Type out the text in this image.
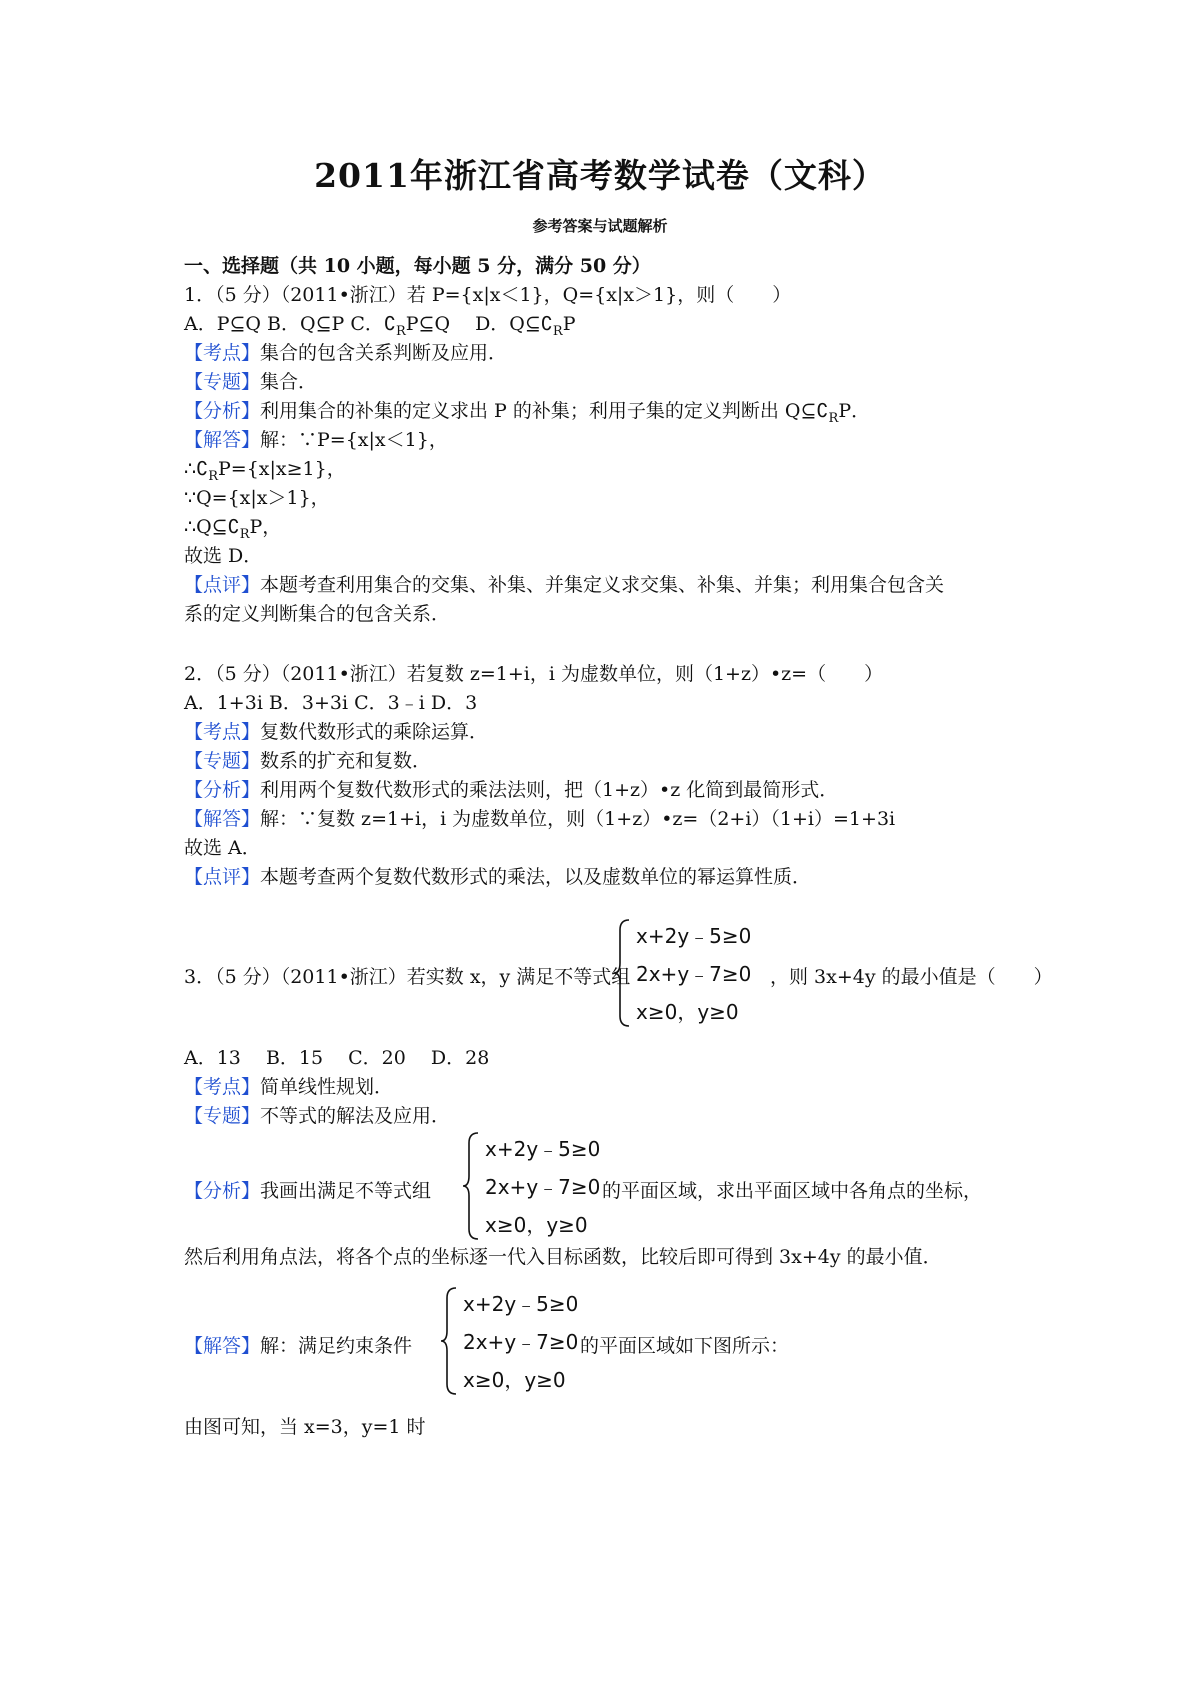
2011年浙江省高考数学试卷（文科）
参考答案与试题解析
一、选择题（共 10 小题，每小题 5 分，满分 50 分）
1．（5 分）（2011•浙江）若 P={x|x＜1}，Q={x|x＞1}，则（　　）
A．P⊆Q B．Q⊆P C．$∁_RP⊆Q$　 D．$Q⊆∁_RP$
【考点】集合的包含关系判断及应用．
【专题】集合．
【分析】利用集合的补集的定义求出 P 的补集；利用子集的定义判断出 $Q⊆∁_RP$．
【解答】解：∵P={x|x＜1}，
$\therefore∁_RP=\{x|x\ge 1\}$，
∵Q={x|x＞1}，
$\therefore Q⊆∁_RP$，
故选 D．
【点评】本题考查利用集合的交集、补集、并集定义求交集、补集、并集；利用集合包含关
系的定义判断集合的包含关系．
2．（5 分）（2011•浙江）若复数 z=1+i，i 为虚数单位，则（1+z）•z=（　　）
A．1+3i B．3+3i C．3﹣i D．3
【考点】复数代数形式的乘除运算．
【专题】数系的扩充和复数．
【分析】利用两个复数代数形式的乘法法则，把（1+z）•z 化简到最简形式．
【解答】解：∵复数 z=1+i，i 为虚数单位，则（1+z）•z=（2+i）（1+i）=1+3i
故选 A．
【点评】本题考查两个复数代数形式的乘法，以及虚数单位的幂运算性质．
3．（5 分）（2011•浙江）若实数 x，y 满足不等式组
x+2y﹣5≥0
2x+y﹣7≥0
x≥0，y≥0
，则 3x+4y 的最小值是（　　）
A．13　 B．15　 C．20　 D．28
【考点】简单线性规划．
【专题】不等式的解法及应用．
【分析】我画出满足不等式组
x+2y﹣5≥0
2x+y﹣7≥0
x≥0，y≥0
的平面区域，求出平面区域中各角点的坐标，
然后利用角点法，将各个点的坐标逐一代入目标函数，比较后即可得到 3x+4y 的最小值．
【解答】解：满足约束条件
x+2y﹣5≥0
2x+y﹣7≥0
x≥0，y≥0
的平面区域如下图所示：
由图可知，当 x=3，y=1 时
